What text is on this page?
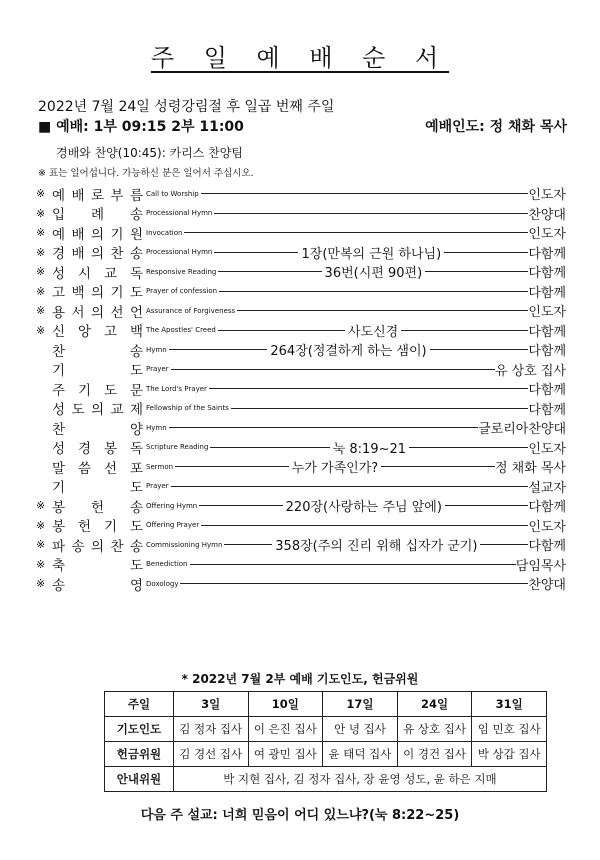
주 일 예 배 순 서
2022년 7월 24일 성령강림절 후 일곱 번째 주일
■ 예배: 1부 09:15 2부 11:00	예배인도: 정 채화 목사
경배와 찬양(10:45): 카리스 찬양팀
※ 표는 일어섭니다. 가능하신 분은 일어서 주십시오.
※ 예 배 로 부 름 Call to Worship	인도자
※ 입 례 송 Processional Hymn	찬양대
※ 예 배 의 기 원 Invocation	인도자
※ 경 배 의 찬 송 Processional Hymn	1장(만복의 근원 하나님)	다함께
※ 성 시 교 독 Responsive Reading	36번(시편 90편)	다함께
※ 고 백 의 기 도 Prayer of confession	다함께
※ 용 서 의 선 언 Assurance of Forgiveness	인도자
※ 신 앙 고 백 The Apostles' Creed	사도신경	다함께
찬	송 Hymn	264장(정결하게 하는 샘이)	다함께
기	도 Prayer	유 상호 집사
주 기 도 문 The Lord's Prayer	다함께
성 도 의 교 제 Fellowship of the Saints	다함께
찬	양 Hymn	글로리아찬양대
성 경 봉 독 Scripture Reading	눅 8:19~21	인도자
말 씀 선 포 Sermon	누가 가족인가?	정 채화 목사
기	도 Prayer	설교자
※ 봉 헌 송 Offering Hymn	220장(사랑하는 주님 앞에)	다함께
※ 봉 헌 기 도 Offering Prayer	인도자
※ 파 송 의 찬 송 Commissioning Hymn	358장(주의 진리 위해 십자가 군기)	다함께
※ 축	도 Benediction	담임목사
※ 송	영 Doxology	찬양대
* 2022년 7월 2부 예배 기도인도, 헌금위원
주일	3일	10일	17일	24일	31일
기도인도	김 정자 집사	이 은진 집사	안 녕 집사	유 상호 집사	임 민호 집사
헌금위원	김 경선 집사	여 광민 집사	윤 태덕 집사	이 경건 집사	박 상갑 집사
안내위원	박 지현 집사, 김 정자 집사, 장 윤영 성도, 윤 하은 지매				
다음 주 설교: 너희 믿음이 어디 있느냐?(눅 8:22~25)
